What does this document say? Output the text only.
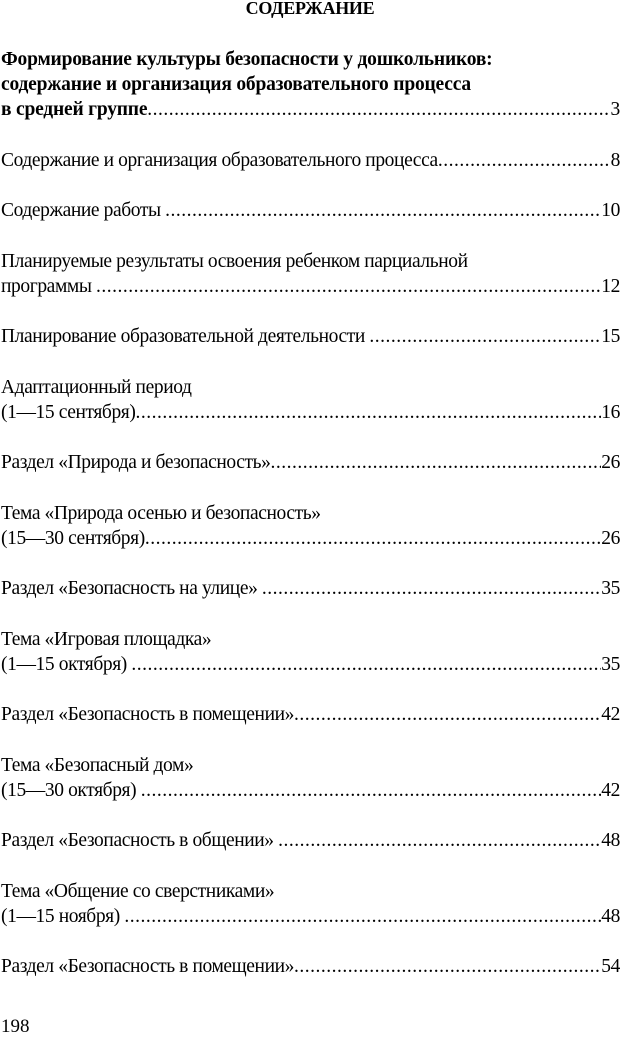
СОДЕРЖАНИЕ
Формирование культуры безопасности у дошкольников:
содержание и организация образовательного процесса
в средней группе .....	3
Содержание и организация образовательного процесса .....	8
Содержание работы .....	10
Планируемые результаты освоения ребенком парциальной
программы .....	12
Планирование образовательной деятельности .....	15
Адаптационный период
(1—15 сентября) .....	16
Раздел «Природа и безопасность» .....	26
Тема «Природа осенью и безопасность»
(15—30 сентября) .....	26
Раздел «Безопасность на улице» .....	35
Тема «Игровая площадка»
(1—15 октября) .....	35
Раздел «Безопасность в помещении» .....	42
Тема «Безопасный дом»
(15—30 октября) .....	42
Раздел «Безопасность в общении» .....	48
Тема «Общение со сверстниками»
(1—15 ноября) .....	48
Раздел «Безопасность в помещении» .....	54
198
